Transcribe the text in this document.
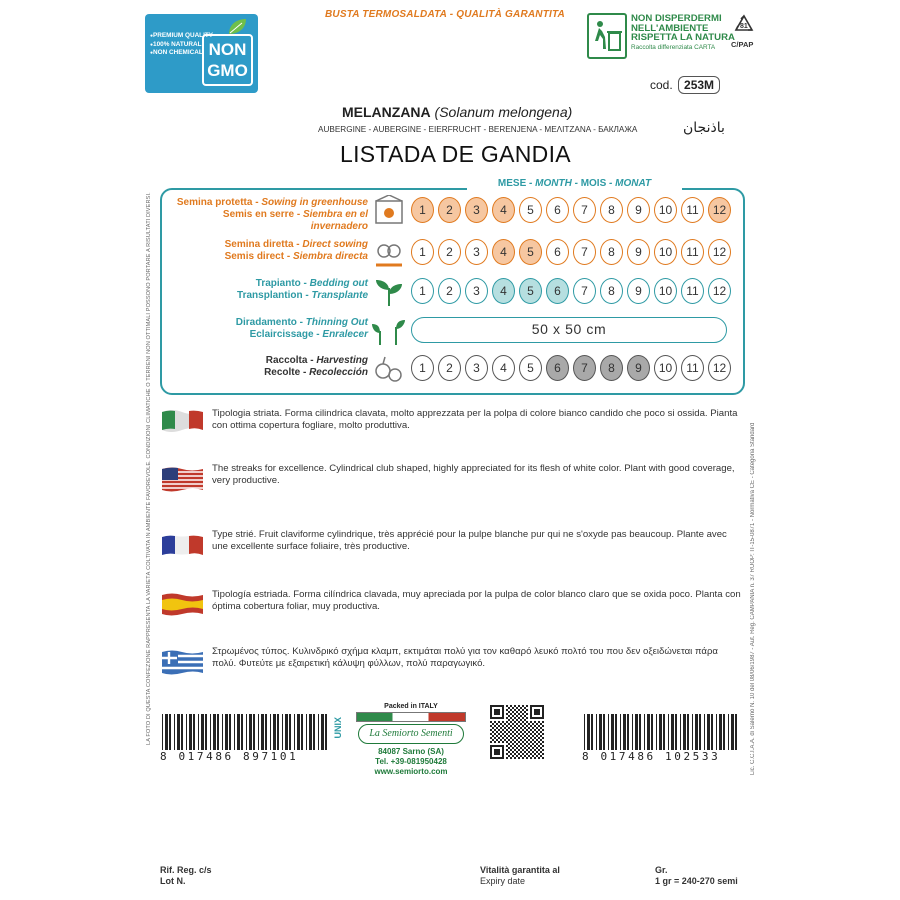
LA FOTO DI QUESTA CONFEZIONE RAPPRESENTA LA VARIETÀ COLTIVATA IN AMBIENTE FAVOREVOLE. CONDIZIONI CLIMATICHE O TERRENI NON OTTIMALI POSSONO PORTARE A RISULTATI DIVERSI.	Lic. C.C.I.A.A. di Salerno N. 10 del 08/06/1987 - Aut. Reg. CAMPANIA n. 37 RUOP: IT-15-0871 - Normativa CE - Categoria Standard
BUSTA TERMOSALDATA - QUALITÀ GARANTITA
● PREMIUM QUALITY
● 100% NATURAL
● NON CHEMICAL NON
GMO
NON DISPERDERMI
NELL'AMBIENTE
RISPETTA LA NATURA
Raccolta differenziata CARTA
81
C/PAP
cod. 253M
MELANZANA (Solanum melongena)
AUBERGINE - AUBERGINE - EIERFRUCHT - BERENJENA - ΜΕΛΙΤΖΑΝΑ - БАКЛАЖА	باذنجان
LISTADA DE GANDIA
MESE - MONTH - MOIS - MONAT
Semina protetta - Sowing in greenhouse
Semis en serre - Siembra en el invernadero
1	2	3	4	5	6	7	8	9	10	11	12
Semina diretta - Direct sowing
Semis direct - Siembra directa	1	2	3	4	5	6	7	8	9	10	11	12
Trapianto - Bedding out
Transplantion - Transplante	1	2	3	4	5	6	7	8	9	10	11	12
Diradamento - Thinning Out
Eclaircissage - Enralecer	50 x 50 cm
Raccolta - Harvesting
Recolte - Recolección	1	2	3	4	5	6	7	8	9	10	11	12
Tipologia striata. Forma cilindrica clavata, molto apprezzata per la polpa di colore bianco candido che poco si ossida. Pianta con ottima copertura fogliare, molto produttiva.
The streaks for excellence. Cylindrical club shaped, highly appreciated for its flesh of white color. Plant with good coverage, very productive.
Type strié. Fruit claviforme cylindrique, très apprécié pour la pulpe blanche pur qui ne s'oxyde pas beaucoup. Plante avec une excellente surface foliaire, très productive.
Tipología estriada. Forma cilíndrica clavada, muy apreciada por la pulpa de color blanco claro que se oxida poco. Planta con óptima cobertura foliar, muy productiva.
Στρωμένος τύπος. Κυλινδρικό σχήμα κλαμπ, εκτιμάται πολύ για τον καθαρό λευκό πολτό του που δεν οξειδώνεται πάρα πολύ. Φυτεύτε με εξαιρετική κάλυψη φύλλων, πολύ παραγωγικό.
8 017486 897101
UNIX
Packed in ITALY
La Semiorto Sementi
84087 Sarno (SA)
Tel. +39-081950428
www.semiorto.com
8 017486 102533
Rif. Reg. c/s
Lot N.
Vitalità garantita al
Expiry date
Gr.
1 gr = 240-270 semi
